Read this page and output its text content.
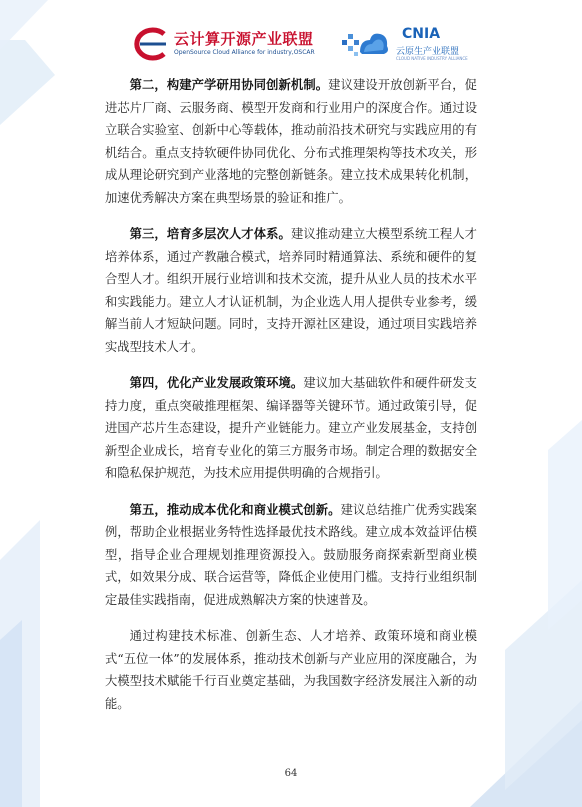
云计算开源产业联盟
OpenSource Cloud Alliance for industry,OSCAR
CNIA
云原生产业联盟
CLOUD NATIVE INDUSTRY ALLIANCE

第二，构建产学研用协同创新机制。建议建设开放创新平台，促进芯片厂商、云服务商、模型开发商和行业用户的深度合作。通过设立联合实验室、创新中心等载体，推动前沿技术研究与实践应用的有机结合。重点支持软硬件协同优化、分布式推理架构等技术攻关，形成从理论研究到产业落地的完整创新链条。建立技术成果转化机制，加速优秀解决方案在典型场景的验证和推广。

第三，培育多层次人才体系。建议推动建立大模型系统工程人才培养体系，通过产教融合模式，培养同时精通算法、系统和硬件的复合型人才。组织开展行业培训和技术交流，提升从业人员的技术水平和实践能力。建立人才认证机制，为企业选人用人提供专业参考，缓解当前人才短缺问题。同时，支持开源社区建设，通过项目实践培养实战型技术人才。

第四，优化产业发展政策环境。建议加大基础软件和硬件研发支持力度，重点突破推理框架、编译器等关键环节。通过政策引导，促进国产芯片生态建设，提升产业链能力。建立产业发展基金，支持创新型企业成长，培育专业化的第三方服务市场。制定合理的数据安全和隐私保护规范，为技术应用提供明确的合规指引。

第五，推动成本优化和商业模式创新。建议总结推广优秀实践案例，帮助企业根据业务特性选择最优技术路线。建立成本效益评估模型，指导企业合理规划推理资源投入。鼓励服务商探索新型商业模式，如效果分成、联合运营等，降低企业使用门槛。支持行业组织制定最佳实践指南，促进成熟解决方案的快速普及。

通过构建技术标准、创新生态、人才培养、政策环境和商业模式“五位一体”的发展体系，推动技术创新与产业应用的深度融合，为大模型技术赋能千行百业奠定基础，为我国数字经济发展注入新的动能。

64
